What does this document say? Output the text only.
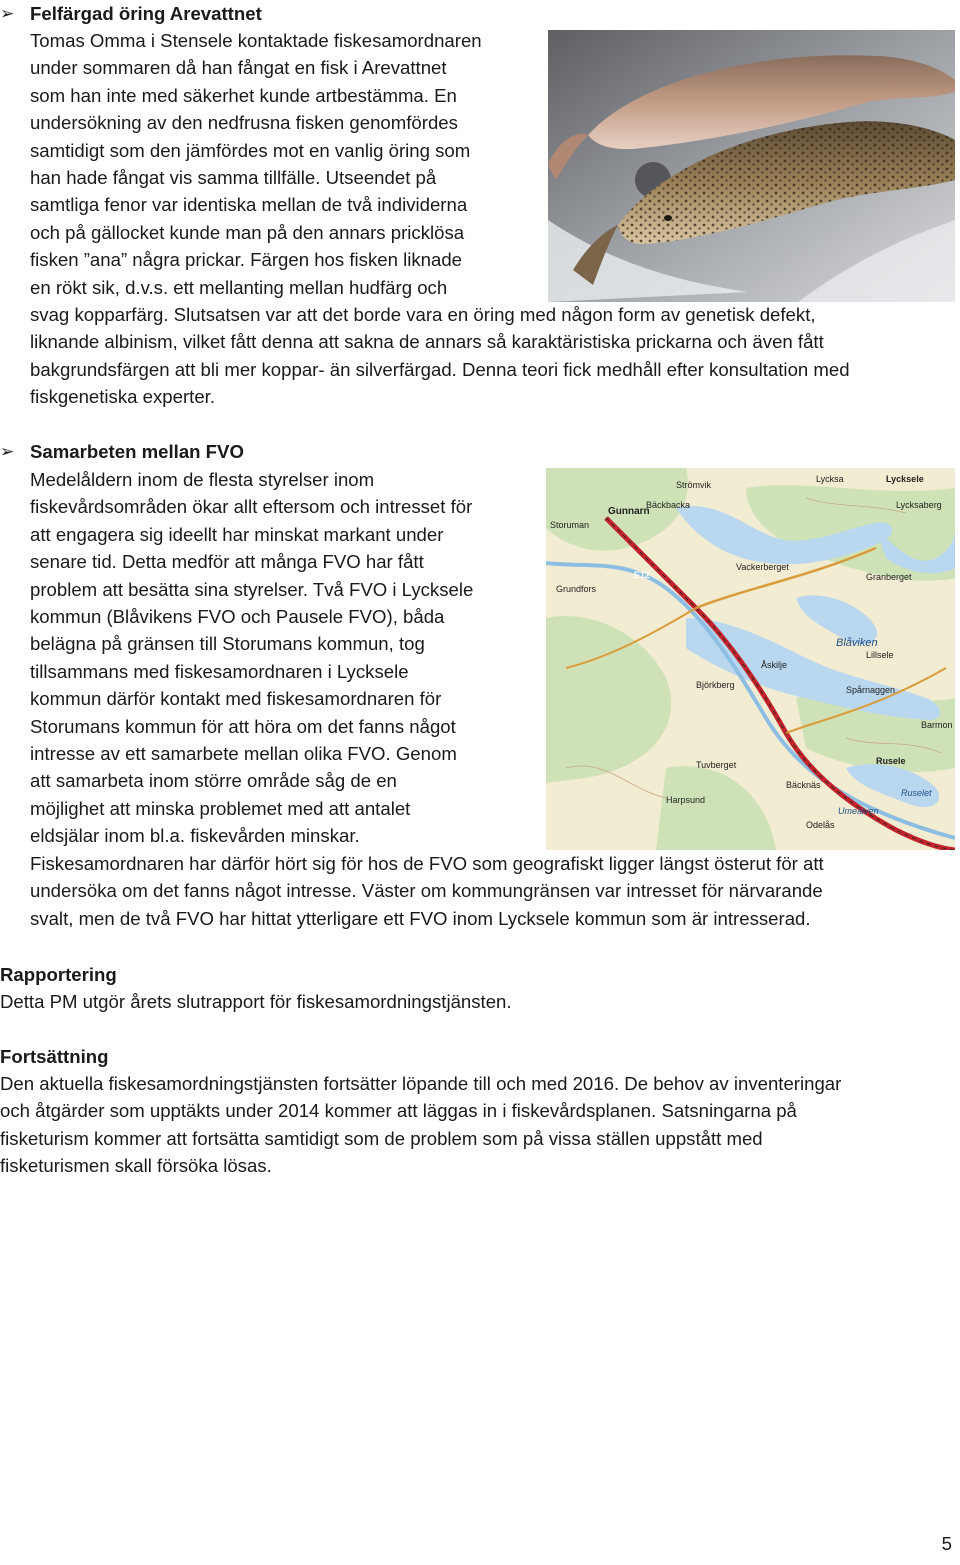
➢ Felfärgad öring Arevattnet
Tomas Omma i Stensele kontaktade fiskesamordnaren
under sommaren då han fångat en fisk i Arevattnet
som han inte med säkerhet kunde artbestämma. En
undersökning av den nedfrusna fisken genomfördes
samtidigt som den jämfördes mot en vanlig öring som
han hade fångat vis samma tillfälle. Utseendet på
samtliga fenor var identiska mellan de två individerna
och på gällocket kunde man på den annars pricklösa
fisken ”ana” några prickar. Färgen hos fisken liknade
en rökt sik, d.v.s. ett mellanting mellan hudfärg och
svag kopparfärg. Slutsatsen var att det borde vara en öring med någon form av genetisk defekt,
liknande albinism, vilket fått denna att sakna de annars så karaktäristiska prickarna och även fått
bakgrundsfärgen att bli mer koppar- än silverfärgad. Denna teori fick medhåll efter konsultation med
fiskgenetiska experter.
➢ Samarbeten mellan FVO
Medelåldern inom de flesta styrelser inom
fiskevårdsområden ökar allt eftersom och intresset för
att engagera sig ideellt har minskat markant under
senare tid. Detta medför att många FVO har fått
problem att besätta sina styrelser. Två FVO i Lycksele
kommun (Blåvikens FVO och Pausele FVO), båda
belägna på gränsen till Storumans kommun, tog
tillsammans med fiskesamordnaren i Lycksele
kommun därför kontakt med fiskesamordnaren för
Storumans kommun för att höra om det fanns något
intresse av ett samarbete mellan olika FVO. Genom
att samarbeta inom större område såg de en
möjlighet att minska problemet med att antalet
eldsjälar inom bl.a. fiskevården minskar.
Fiskesamordnaren har därför hört sig för hos de FVO som geografiskt ligger längst österut för att
undersöka om det fanns något intresse. Väster om kommungränsen var intresset för närvarande
svalt, men de två FVO har hittat ytterligare ett FVO inom Lycksele kommun som är intresserad.
Gunnarn
Grundfors
Blåviken
Storuman
Lycksele
Umeälven
Ruselet
Rusele
Barmon
Lycksaberg
Lycksa
Strömvik
Bäckbacka
Björkberg
Åskilje
Tuvberget
Harpsund
Bäcknäs
E12
Spårnaggen
Vackerberget
Granberget
Lillsele
Odelås
Rapportering
Detta PM utgör årets slutrapport för fiskesamordningstjänsten.
Fortsättning
Den aktuella fiskesamordningstjänsten fortsätter löpande till och med 2016. De behov av inventeringar
och åtgärder som upptäkts under 2014 kommer att läggas in i fiskevårdsplanen. Satsningarna på
fisketurism kommer att fortsätta samtidigt som de problem som på vissa ställen uppstått med
fisketurismen skall försöka lösas.
5
